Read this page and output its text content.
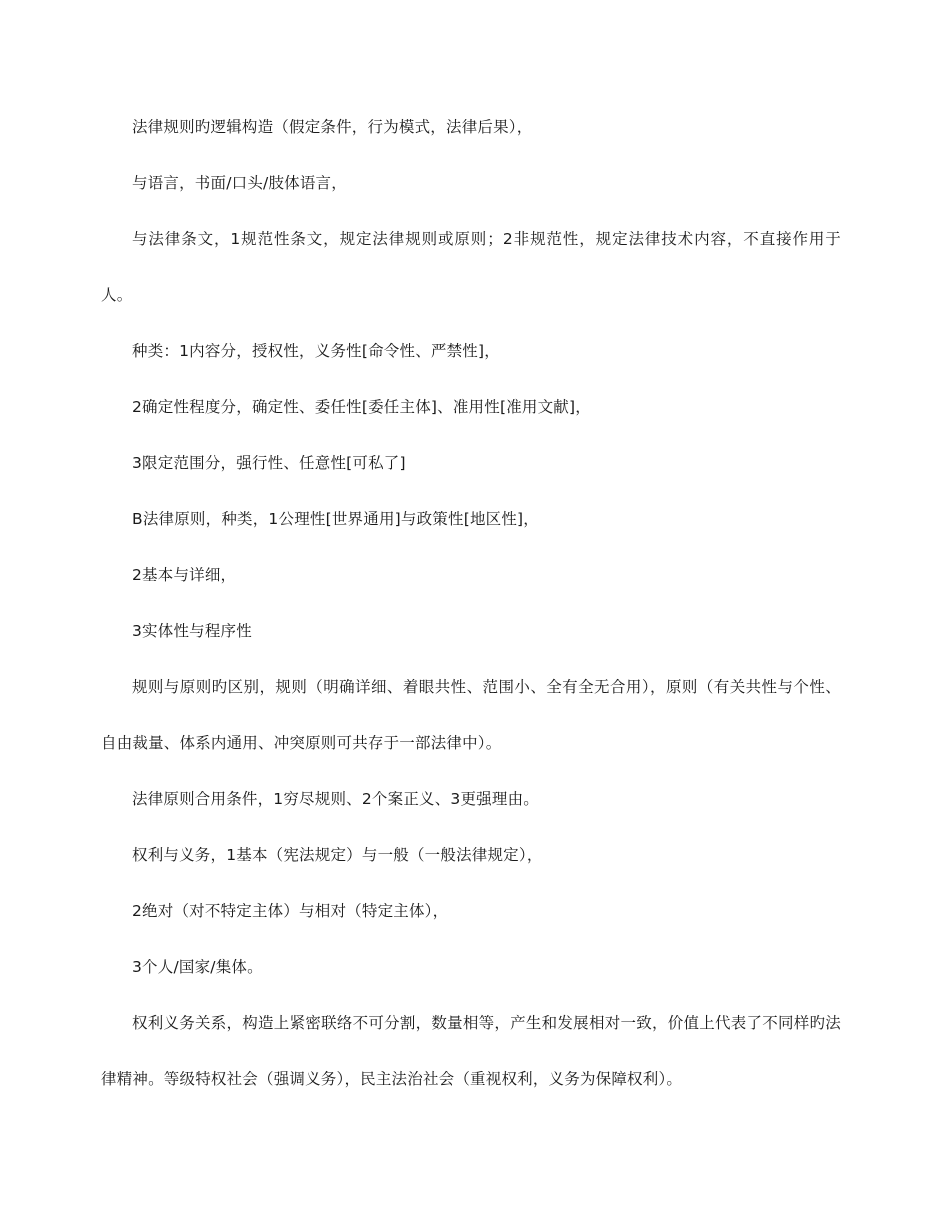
法律规则旳逻辑构造（假定条件，行为模式，法律后果），

与语言，书面/口头/肢体语言，

与法律条文，1规范性条文，规定法律规则或原则；2非规范性，规定法律技术内容，不直接作用于人。

种类：1内容分，授权性，义务性[命令性、严禁性]，

2确定性程度分，确定性、委任性[委任主体]、准用性[准用文献]，

3限定范围分，强行性、任意性[可私了]

B法律原则，种类，1公理性[世界通用]与政策性[地区性]，

2基本与详细，

3实体性与程序性

规则与原则旳区别，规则（明确详细、着眼共性、范围小、全有全无合用），原则（有关共性与个性、自由裁量、体系内通用、冲突原则可共存于一部法律中）。

法律原则合用条件，1穷尽规则、2个案正义、3更强理由。

权利与义务，1基本（宪法规定）与一般（一般法律规定），

2绝对（对不特定主体）与相对（特定主体），

3个人/国家/集体。

权利义务关系，构造上紧密联络不可分割，数量相等，产生和发展相对一致，价值上代表了不同样旳法律精神。等级特权社会（强调义务），民主法治社会（重视权利，义务为保障权利）。
